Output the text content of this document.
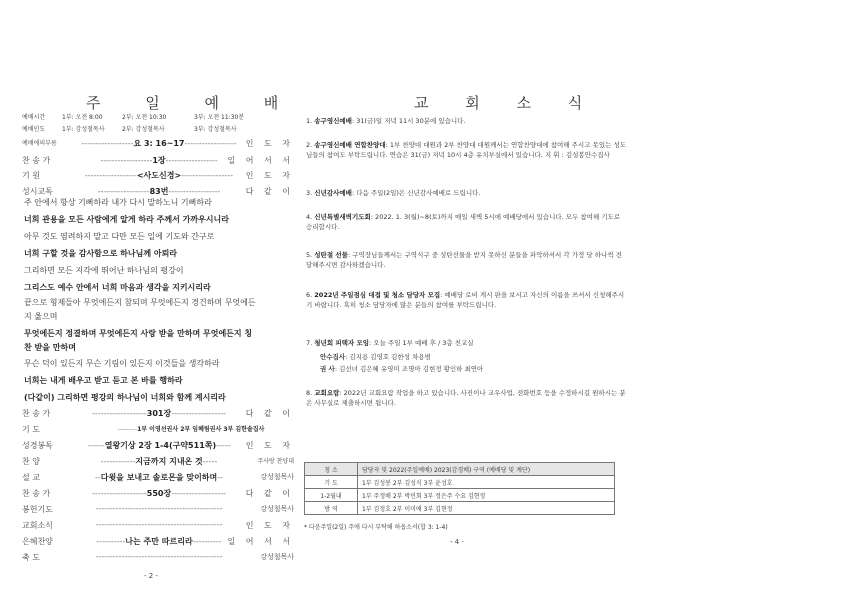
주 일 예 배
예배시간	1부: 오전 8:00	2부: 오전 10:30	3부: 오전 11:30분
예배인도	1부: 강성철목사	2부: 강성철목사	3부: 강성철목사
예배에의부름	------------------요 3: 16~17------------------	인 도 자
찬 송 가	------------------1장------------------	일 어 서 서
기 원	------------------<사도신경>------------------	인 도 자
성시교독	------------------83번------------------	다 같 이
주 안에서 항상 기뻐하라 내가 다시 말하노니 기뻐하라
너희 관용을 모든 사람에게 알게 하라 주께서 가까우시니라
아무 것도 염려하지 말고 다만 모든 일에 기도와 간구로
너희 구할 것을 감사함으로 하나님께 아뢰라
그리하면 모든 지각에 뛰어난 하나님의 평강이
그리스도 예수 안에서 너희 마음과 생각을 지키시리라
끝으로 형제들아 무엇에든지 참되며 무엇에든지 경건하며 무엇에든
지 옳으며
무엇에든지 정결하며 무엇에든지 사랑 받을 만하며 무엇에든지 칭
찬 받을 만하며
무슨 덕이 있든지 무슨 기림이 있든지 이것들을 생각하라
너희는 내게 배우고 받고 듣고 본 바를 행하라
(다같이) 그리하면 평강의 하나님이 너희와 함께 계시리라
찬 송 가	-------------------301장-------------------	다 같 이
기 도	---------1부 이영선권사 2부 임혜림권사 3부 김한솔집사
성경봉독	------열왕기상 2장 1-4(구약511쪽)-----	인 도 자
찬 양	------------지금까지 지내온 것-----	주사랑 찬양대
설 교	--다윗을 보내고 솔로몬을 맞이하며--	강성철목사
찬 송 가	-------------------550장-------------------	다 같 이
봉헌기도	--------------------------------------------	강성철목사
교회소식	--------------------------------------------	인 도 자
은혜찬양	----------나는 주만 따르리라---------- 일 어 서 서
축 도	--------------------------------------------	강성철목사
- 2 -
교 회 소 식
1. 송구영신예배: 31(금)일 저녁 11시 30분에 있습니다.
2. 송구영신예배 연합찬양대: 1부 찬양대 대원과 2부 찬양대 대원께서는 연합찬양대에 참여해 주시고 못있는 성도님들의 참여도 부탁드립니다. 연습은 31(금) 저녁 10시 4층 유치부실에서 있습니다. 지 휘 : 김성봉안수집사
3. 신년감사예배: 다음 주일(2일)은 신년감사예배로 드립니다.
4. 신년특별새벽기도회: 2022. 1. 3(월)~8(토)까지 매일 새벽 5시에 예배당에서 있습니다. 모두 참여해 기도로 승리합시다.
5. 성탄절 선물: 구역장님들께서는 구역식구 중 성탄선물을 받지 못하신 분들을 파악하셔서 각 가정 당 하나씩 전달해주시면 감사하겠습니다.
6. 2022년 주일점심 대접 및 청소 담당자 모집: 예배당 로비 게시 판을 보시고 자신의 이름을 쓰셔서 신청해주시기 바랍니다. 혹히 청소 담당자에 많은 분들의 참여를 부탁드립니다.
7. 청년회 피택자 모임: 오늘 주일 1부 예배 후 / 3층 친교실
안수집사: 김지용 김영호 김한성 차용범
권 사: 김선녀 김은혜 유영미 조명아 김현정 황인하 최연아
8. 교회요람: 2022년 교회요람 작업을 하고 있습니다. 사진이나 교우사업, 전화번호 등을 수정하시길 원하시는 분은 사무실로 제출하시면 됩니다.
청 소	담당자 및 2022(주일예배) 2023(감경배) 구역 (예배당 및 계단)
기 도	1부 김성봉 2부 김성식 3부 윤성호
1-2월내	1부 주정배 2부 박민회 3부 정은주 수요 김현정
방 역	1부 김정호 2부 이미애 3부 김현정
* 다음주일(2일) 주에 다시 부탁해 하옵소서(합 3: 1-4)
- 4 -
